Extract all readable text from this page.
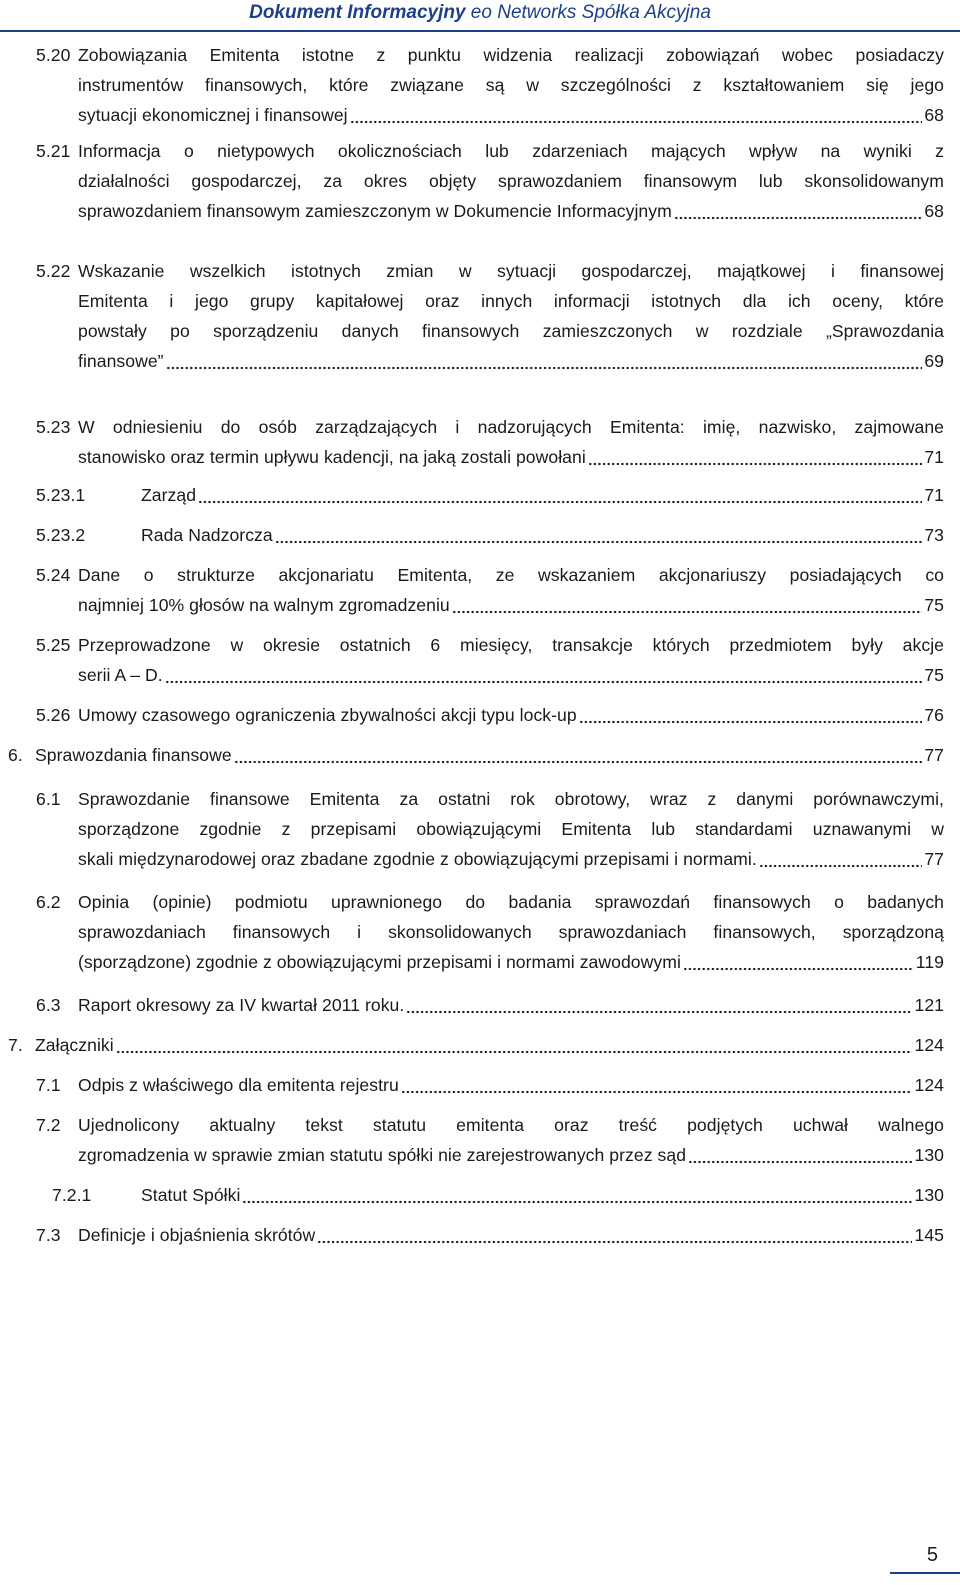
Dokument Informacyjny eo Networks Spółka Akcyjna
5.20 Zobowiązania Emitenta istotne z punktu widzenia realizacji zobowiązań wobec posiadaczy
instrumentów finansowych, które związane są w szczególności z kształtowaniem się jego
sytuacji ekonomicznej i finansowej	68
5.21 Informacja o nietypowych okolicznościach lub zdarzeniach mających wpływ na wyniki z
działalności gospodarczej, za okres objęty sprawozdaniem finansowym lub skonsolidowanym
sprawozdaniem finansowym zamieszczonym w Dokumencie Informacyjnym	68
5.22 Wskazanie wszelkich istotnych zmian w sytuacji gospodarczej, majątkowej i finansowej
Emitenta i jego grupy kapitałowej oraz innych informacji istotnych dla ich oceny, które
powstały po sporządzeniu danych finansowych zamieszczonych w rozdziale „Sprawozdania
finansowe”	69
5.23 W odniesieniu do osób zarządzających i nadzorujących Emitenta: imię, nazwisko, zajmowane
stanowisko oraz termin upływu kadencji, na jaką zostali powołani	71
5.23.1	Zarząd	71
5.23.2	Rada Nadzorcza	73
5.24 Dane o strukturze akcjonariatu Emitenta, ze wskazaniem akcjonariuszy posiadających co
najmniej 10% głosów na walnym zgromadzeniu	75
5.25 Przeprowadzone w okresie ostatnich 6 miesięcy, transakcje których przedmiotem były akcje
serii A – D.	75
5.26 Umowy czasowego ograniczenia zbywalności akcji typu lock-up	76
6. Sprawozdania finansowe	77
6.1 Sprawozdanie finansowe Emitenta za ostatni rok obrotowy, wraz z danymi porównawczymi,
sporządzone zgodnie z przepisami obowiązującymi Emitenta lub standardami uznawanymi w
skali międzynarodowej oraz zbadane zgodnie z obowiązującymi przepisami i normami.	77
6.2 Opinia (opinie) podmiotu uprawnionego do badania sprawozdań finansowych o badanych
sprawozdaniach finansowych i skonsolidowanych sprawozdaniach finansowych, sporządzoną
(sporządzone) zgodnie z obowiązującymi przepisami i normami zawodowymi	119
6.3 Raport okresowy za IV kwartał 2011 roku.	121
7. Załączniki	124
7.1 Odpis z właściwego dla emitenta rejestru	124
7.2 Ujednolicony aktualny tekst statutu emitenta oraz treść podjętych uchwał walnego
zgromadzenia w sprawie zmian statutu spółki nie zarejestrowanych przez sąd	130
7.2.1	Statut Spółki	130
7.3 Definicje i objaśnienia skrótów	145
5
